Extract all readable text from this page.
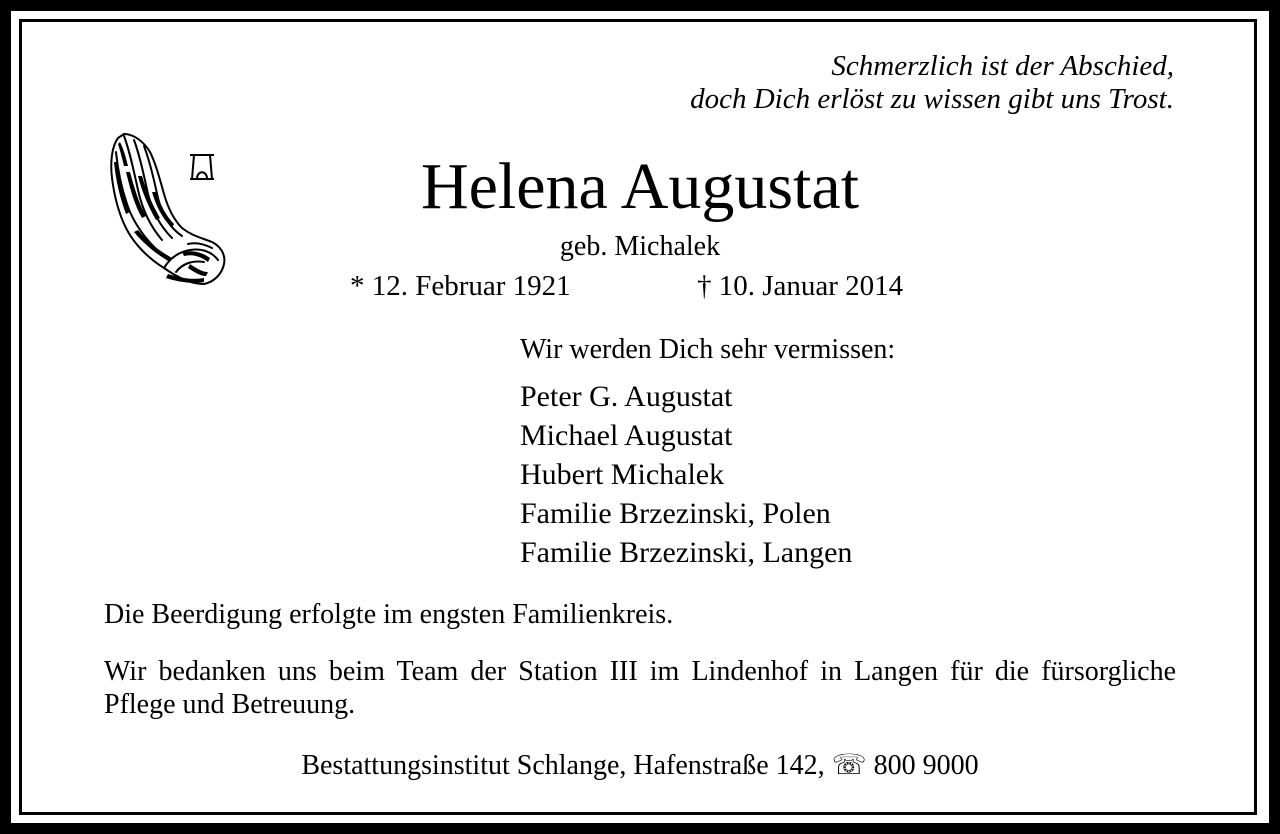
Schmerzlich ist der Abschied,
doch Dich erlöst zu wissen gibt uns Trost.
Helena Augustat
geb. Michalek
* 12. Februar 1921	† 10. Januar 2014
Wir werden Dich sehr vermissen:
Peter G. Augustat
Michael Augustat
Hubert Michalek
Familie Brzezinski, Polen
Familie Brzezinski, Langen
Die Beerdigung erfolgte im engsten Familienkreis.
Wir bedanken uns beim Team der Station III im Lindenhof in Langen für die fürsorgliche Pflege und Betreuung.
Bestattungsinstitut Schlange, Hafenstraße 142, ☏ 800 9000
